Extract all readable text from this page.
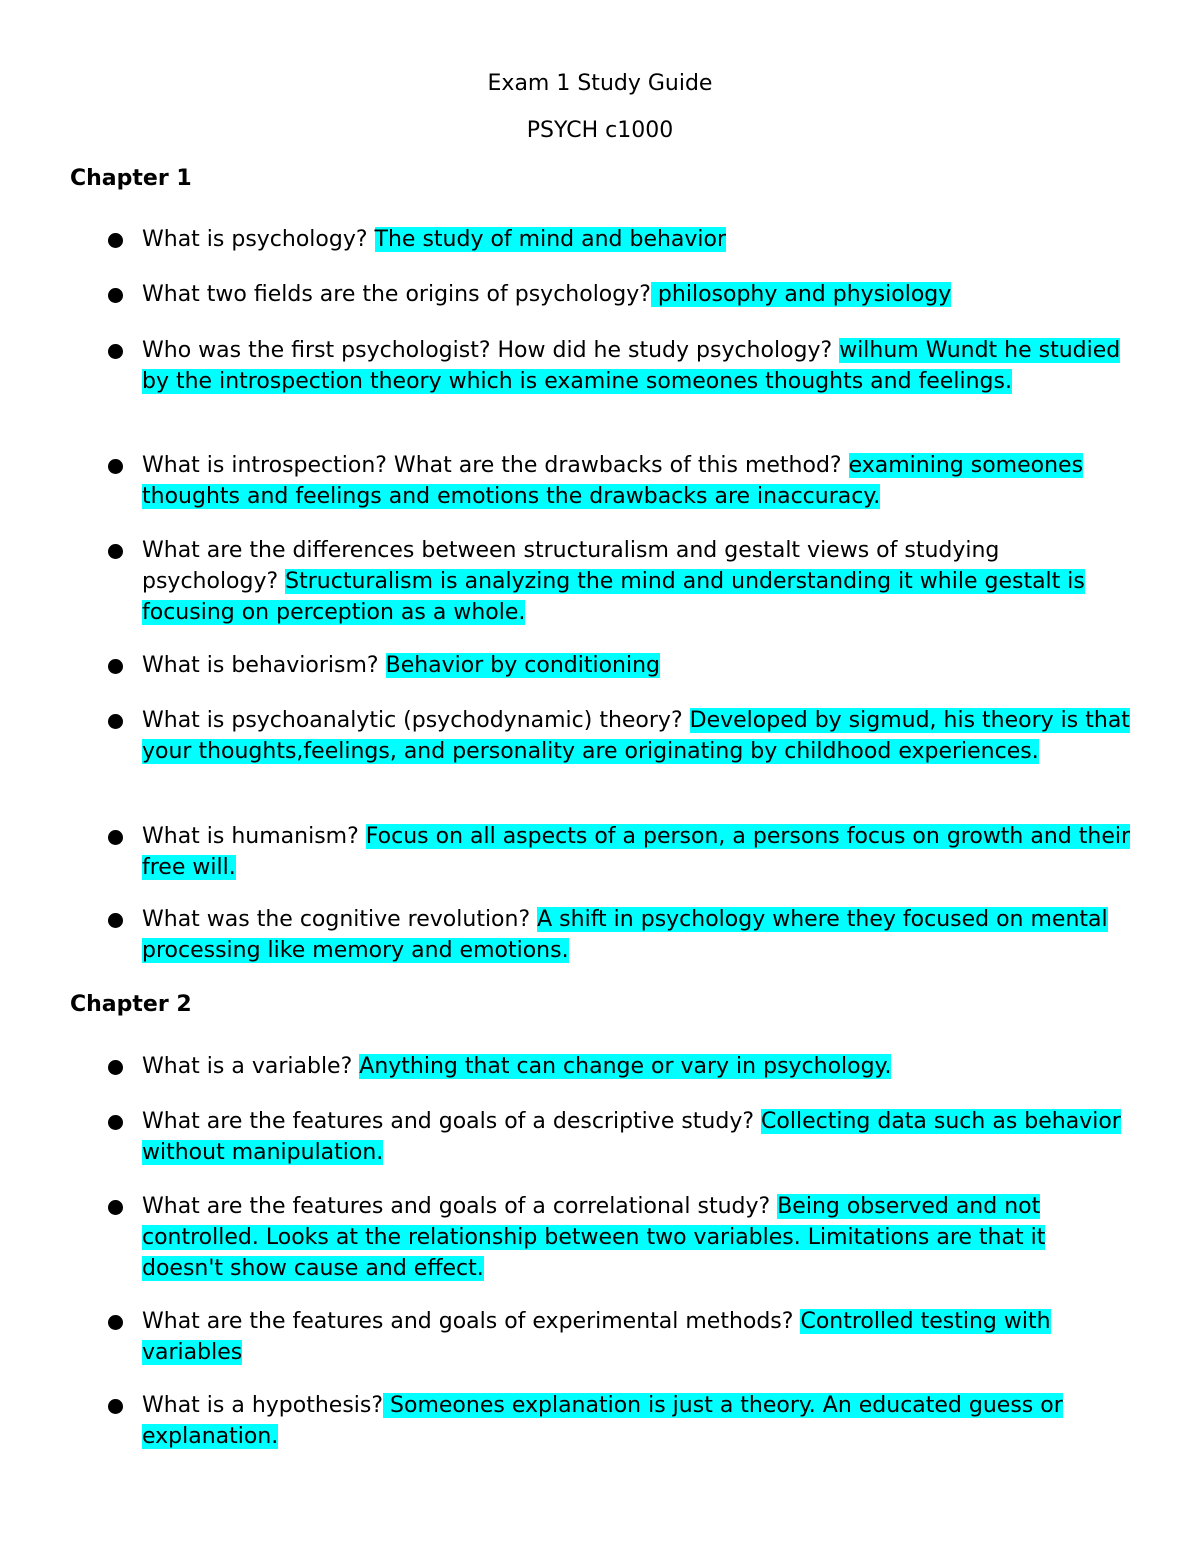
Exam 1 Study Guide
PSYCH c1000
Chapter 1
What is psychology? The study of mind and behavior
What two fields are the origins of psychology? philosophy and physiology
Who was the first psychologist? How did he study psychology? wilhum Wundt he studied by the introspection theory which is examine someones thoughts and feelings.
What is introspection? What are the drawbacks of this method? examining someones thoughts and feelings and emotions the drawbacks are inaccuracy.
What are the differences between structuralism and gestalt views of studying psychology? Structuralism is analyzing the mind and understanding it while gestalt is focusing on perception as a whole.
What is behaviorism? Behavior by conditioning
What is psychoanalytic (psychodynamic) theory? Developed by sigmud, his theory is that your thoughts,feelings, and personality are originating by childhood experiences.
What is humanism? Focus on all aspects of a person, a persons focus on growth and their free will.
What was the cognitive revolution? A shift in psychology where they focused on mental processing like memory and emotions.
Chapter 2
What is a variable? Anything that can change or vary in psychology.
What are the features and goals of a descriptive study? Collecting data such as behavior without manipulation.
What are the features and goals of a correlational study? Being observed and not controlled. Looks at the relationship between two variables. Limitations are that it doesn't show cause and effect.
What are the features and goals of experimental methods? Controlled testing with variables
What is a hypothesis? Someones explanation is just a theory. An educated guess or explanation.
